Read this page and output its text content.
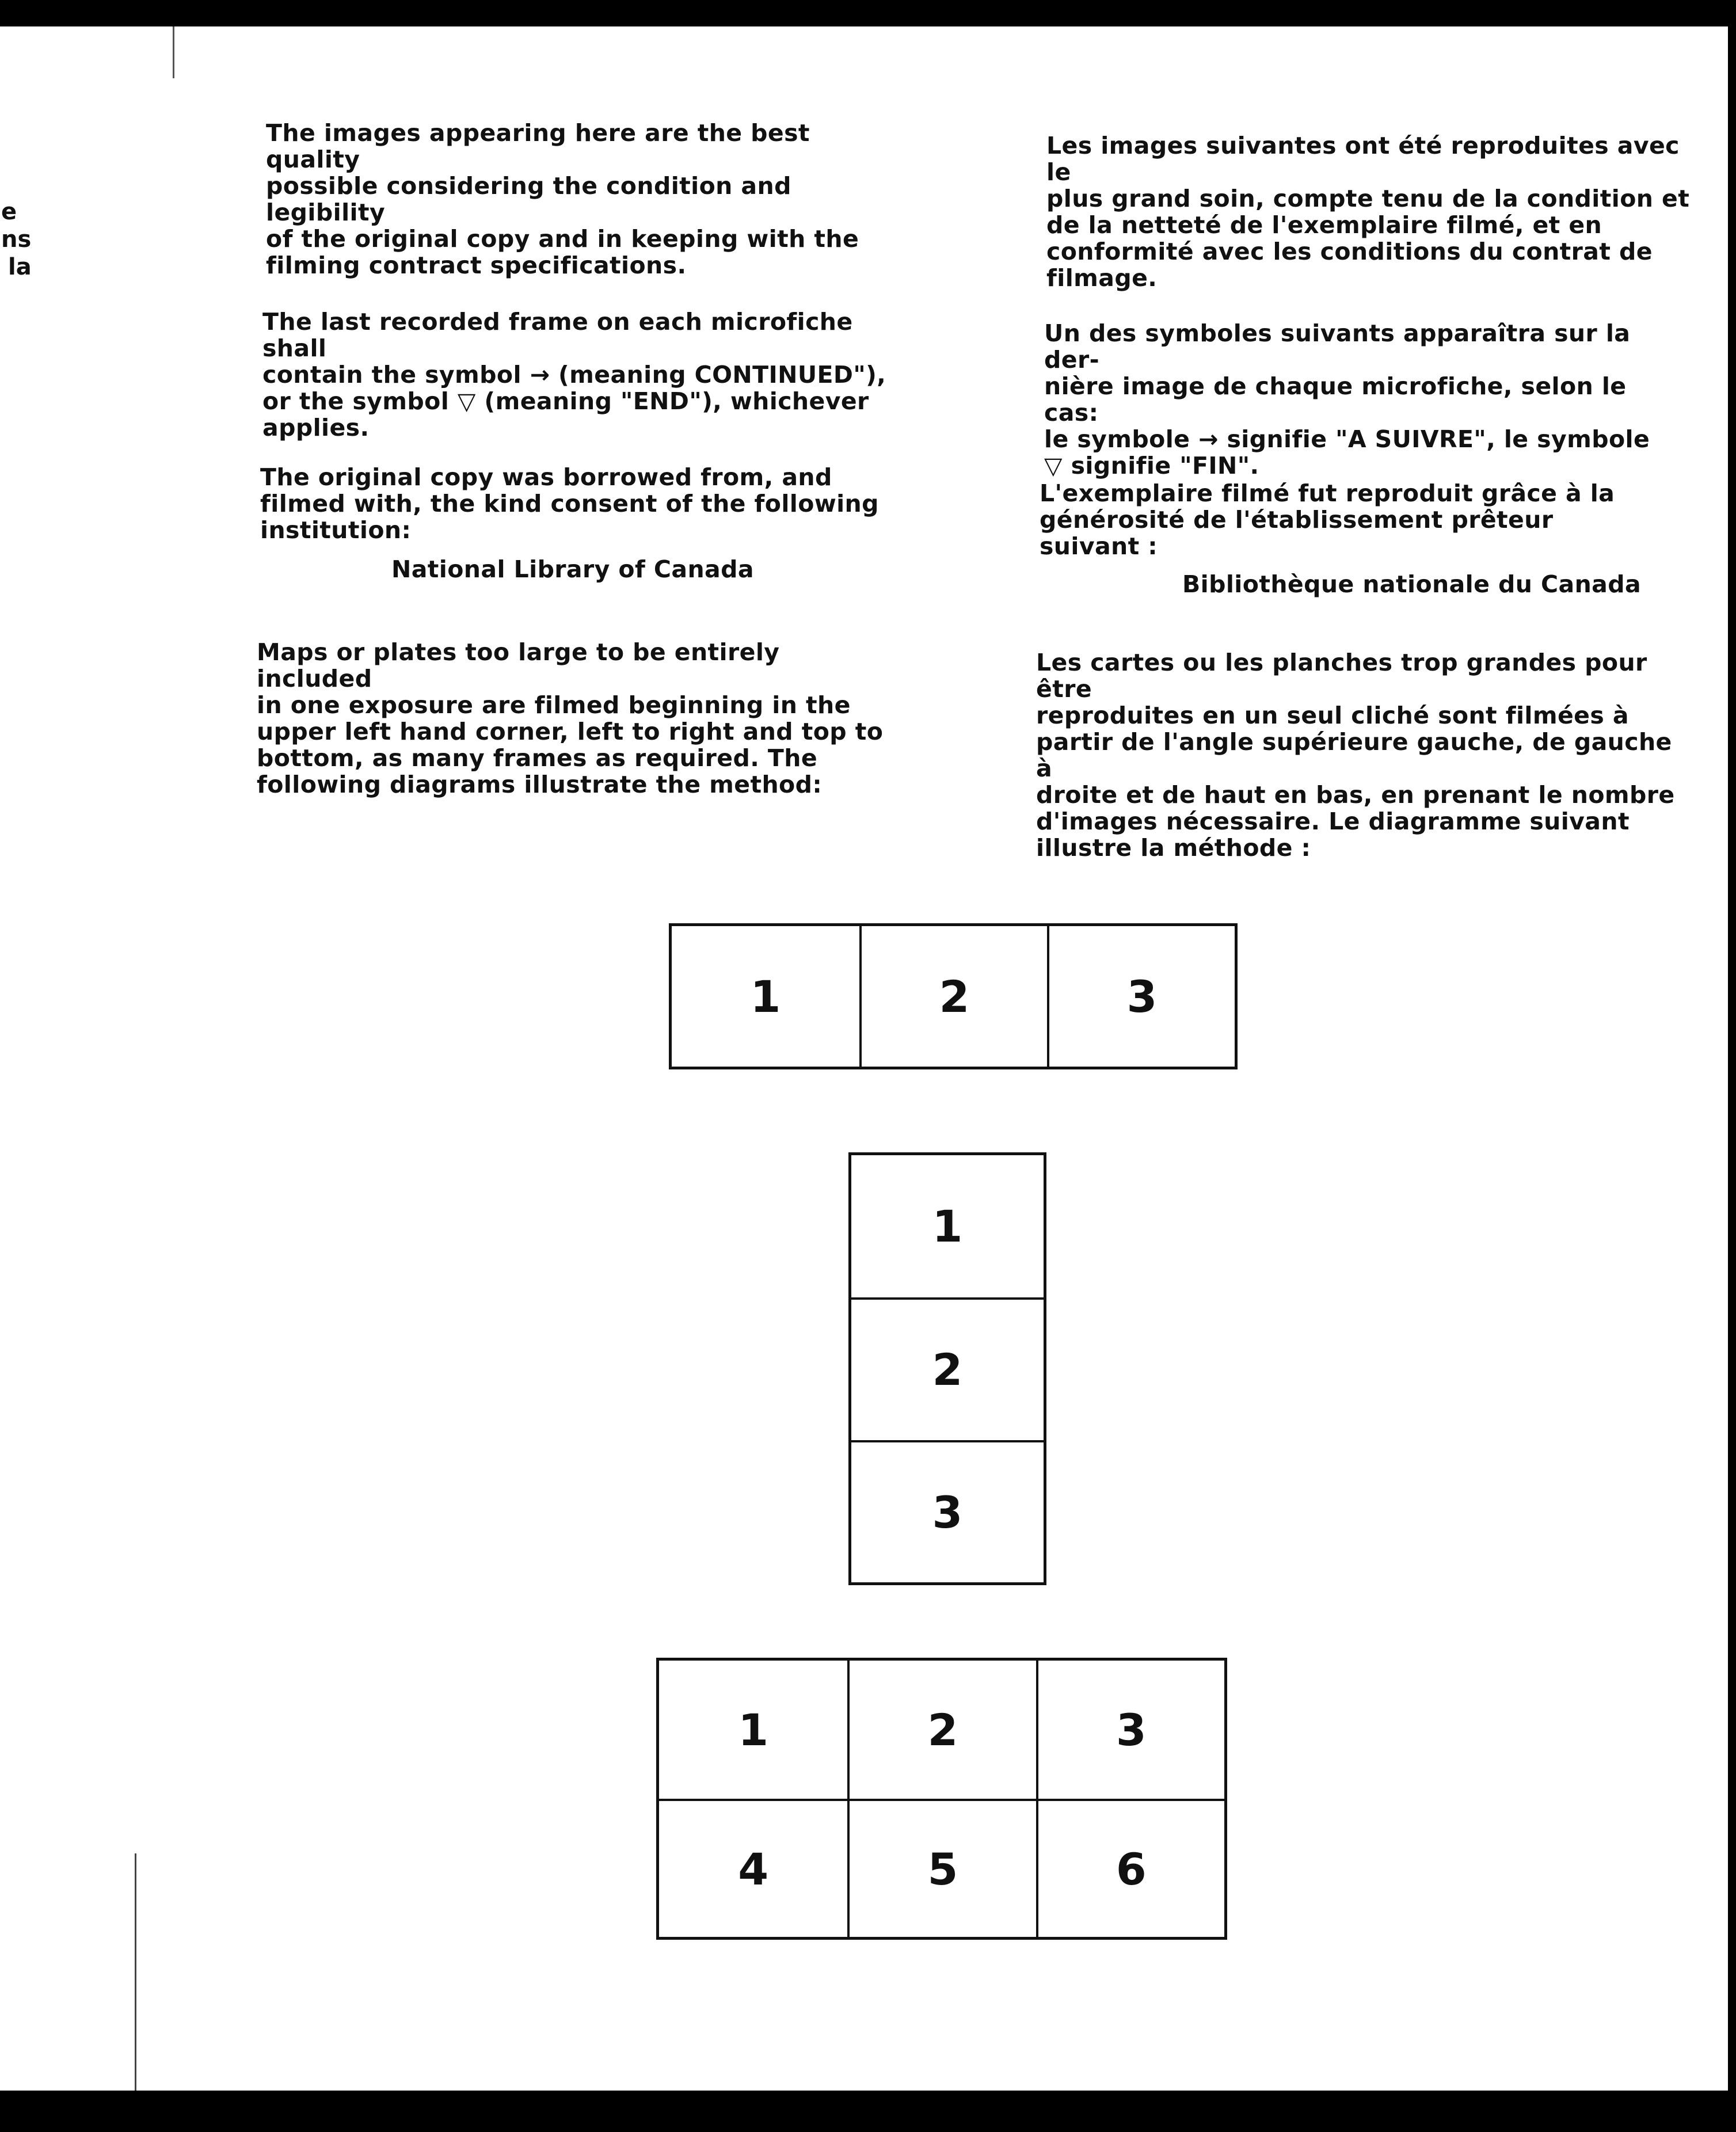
e
ns
la

The images appearing here are the best quality
possible considering the condition and legibility
of the original copy and in keeping with the
filming contract specifications.

The last recorded frame on each microfiche shall
contain the symbol → (meaning CONTINUED"),
or the symbol ▽ (meaning "END"), whichever
applies.

The original copy was borrowed from, and
filmed with, the kind consent of the following
institution:

National Library of Canada

Maps or plates too large to be entirely included
in one exposure are filmed beginning in the
upper left hand corner, left to right and top to
bottom, as many frames as required. The
following diagrams illustrate the method:

Les images suivantes ont été reproduites avec le
plus grand soin, compte tenu de la condition et
de la netteté de l'exemplaire filmé, et en
conformité avec les conditions du contrat de
filmage.

Un des symboles suivants apparaîtra sur la der-
nière image de chaque microfiche, selon le cas:
le symbole → signifie "A SUIVRE", le symbole
▽ signifie "FIN".

L'exemplaire filmé fut reproduit grâce à la
générosité de l'établissement prêteur
suivant :

Bibliothèque nationale du Canada

Les cartes ou les planches trop grandes pour être
reproduites en un seul cliché sont filmées à
partir de l'angle supérieure gauche, de gauche à
droite et de haut en bas, en prenant le nombre
d'images nécessaire. Le diagramme suivant
illustre la méthode :

1	2	3
1
2
3
1	2	3
4	5	6
